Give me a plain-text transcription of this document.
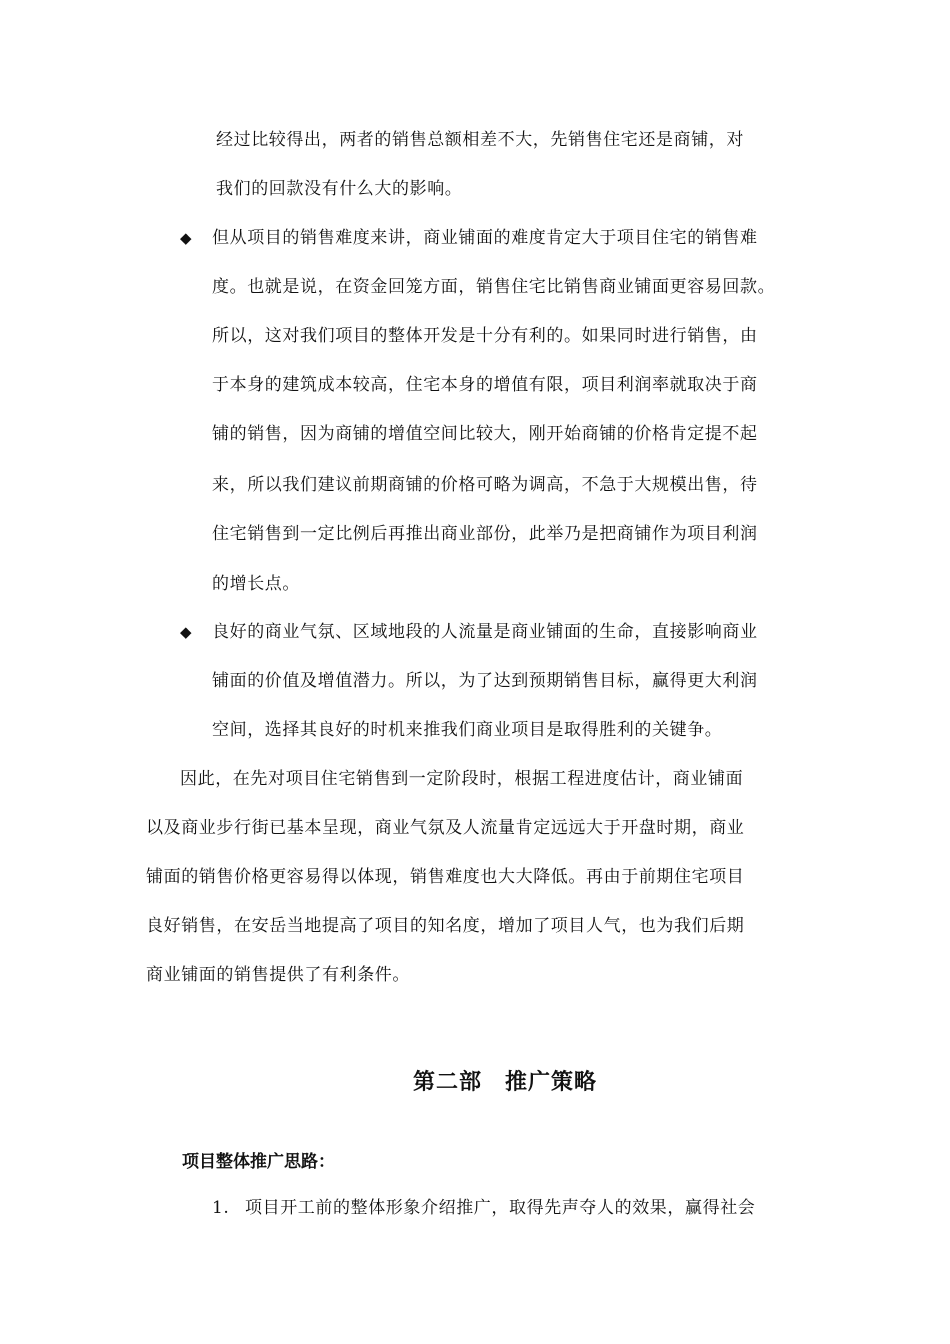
经过比较得出，两者的销售总额相差不大，先销售住宅还是商铺，对
我们的回款没有什么大的影响。
◆ 但从项目的销售难度来讲，商业铺面的难度肯定大于项目住宅的销售难
度。也就是说，在资金回笼方面，销售住宅比销售商业铺面更容易回款。
所以，这对我们项目的整体开发是十分有利的。如果同时进行销售，由
于本身的建筑成本较高，住宅本身的增值有限，项目利润率就取决于商
铺的销售，因为商铺的增值空间比较大，刚开始商铺的价格肯定提不起
来，所以我们建议前期商铺的价格可略为调高，不急于大规模出售，待
住宅销售到一定比例后再推出商业部份，此举乃是把商铺作为项目利润
的增长点。
◆ 良好的商业气氛、区域地段的人流量是商业铺面的生命，直接影响商业
铺面的价值及增值潜力。所以，为了达到预期销售目标，赢得更大利润
空间，选择其良好的时机来推我们商业项目是取得胜利的关键争。
因此，在先对项目住宅销售到一定阶段时，根据工程进度估计，商业铺面
以及商业步行街已基本呈现，商业气氛及人流量肯定远远大于开盘时期，商业
铺面的销售价格更容易得以体现，销售难度也大大降低。再由于前期住宅项目
良好销售，在安岳当地提高了项目的知名度，增加了项目人气，也为我们后期
商业铺面的销售提供了有利条件。
第二部　推广策略
项目整体推广思路：
1. 项目开工前的整体形象介绍推广，取得先声夺人的效果，赢得社会
